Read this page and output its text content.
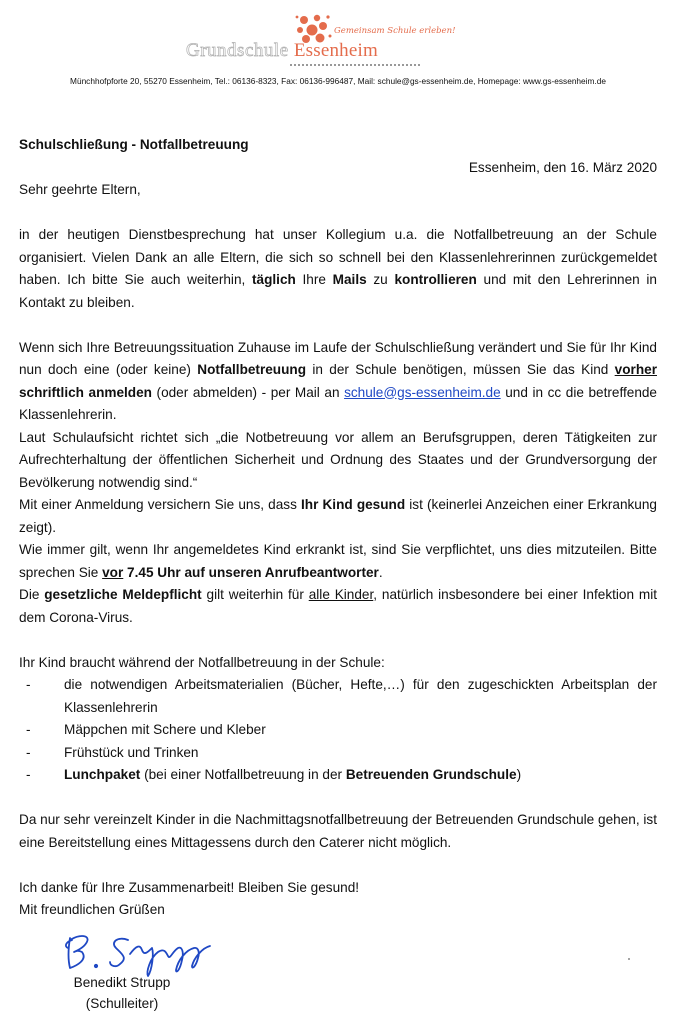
Gemeinsam Schule erleben!
Grundschule Essenheim
Münchhofpforte 20, 55270 Essenheim, Tel.: 06136-8323, Fax: 06136-996487, Mail: schule@gs-essenheim.de, Homepage: www.gs-essenheim.de

Schulschließung - Notfallbetreuung

Essenheim, den 16. März 2020

Sehr geehrte Eltern,

in der heutigen Dienstbesprechung hat unser Kollegium u.a. die Notfallbetreuung an der Schule organisiert. Vielen Dank an alle Eltern, die sich so schnell bei den Klassenlehrerinnen zurückgemeldet haben. Ich bitte Sie auch weiterhin, täglich Ihre Mails zu kontrollieren und mit den Lehrerinnen in Kontakt zu bleiben.

Wenn sich Ihre Betreuungssituation Zuhause im Laufe der Schulschließung verändert und Sie für Ihr Kind nun doch eine (oder keine) Notfallbetreuung in der Schule benötigen, müssen Sie das Kind vorher schriftlich anmelden (oder abmelden) - per Mail an schule@gs-essenheim.de und in cc die betreffende Klassenlehrerin.

Laut Schulaufsicht richtet sich „die Notbetreuung vor allem an Berufsgruppen, deren Tätigkeiten zur Aufrechterhaltung der öffentlichen Sicherheit und Ordnung des Staates und der Grundversorgung der Bevölkerung notwendig sind.“

Mit einer Anmeldung versichern Sie uns, dass Ihr Kind gesund ist (keinerlei Anzeichen einer Erkrankung zeigt).

Wie immer gilt, wenn Ihr angemeldetes Kind erkrankt ist, sind Sie verpflichtet, uns dies mitzuteilen. Bitte sprechen Sie vor 7.45 Uhr auf unseren Anrufbeantworter.

Die gesetzliche Meldepflicht gilt weiterhin für alle Kinder, natürlich insbesondere bei einer Infektion mit dem Corona-Virus.

Ihr Kind braucht während der Notfallbetreuung in der Schule:

-	die notwendigen Arbeitsmaterialien (Bücher, Hefte,…) für den zugeschickten Arbeitsplan der Klassenlehrerin
-	Mäppchen mit Schere und Kleber
-	Frühstück und Trinken
-	Lunchpaket (bei einer Notfallbetreuung in der Betreuenden Grundschule)

Da nur sehr vereinzelt Kinder in die Nachmittagsnotfallbetreuung der Betreuenden Grundschule gehen, ist eine Bereitstellung eines Mittagessens durch den Caterer nicht möglich.

Ich danke für Ihre Zusammenarbeit! Bleiben Sie gesund!

Mit freundlichen Grüßen

Benedikt Strupp
(Schulleiter)
